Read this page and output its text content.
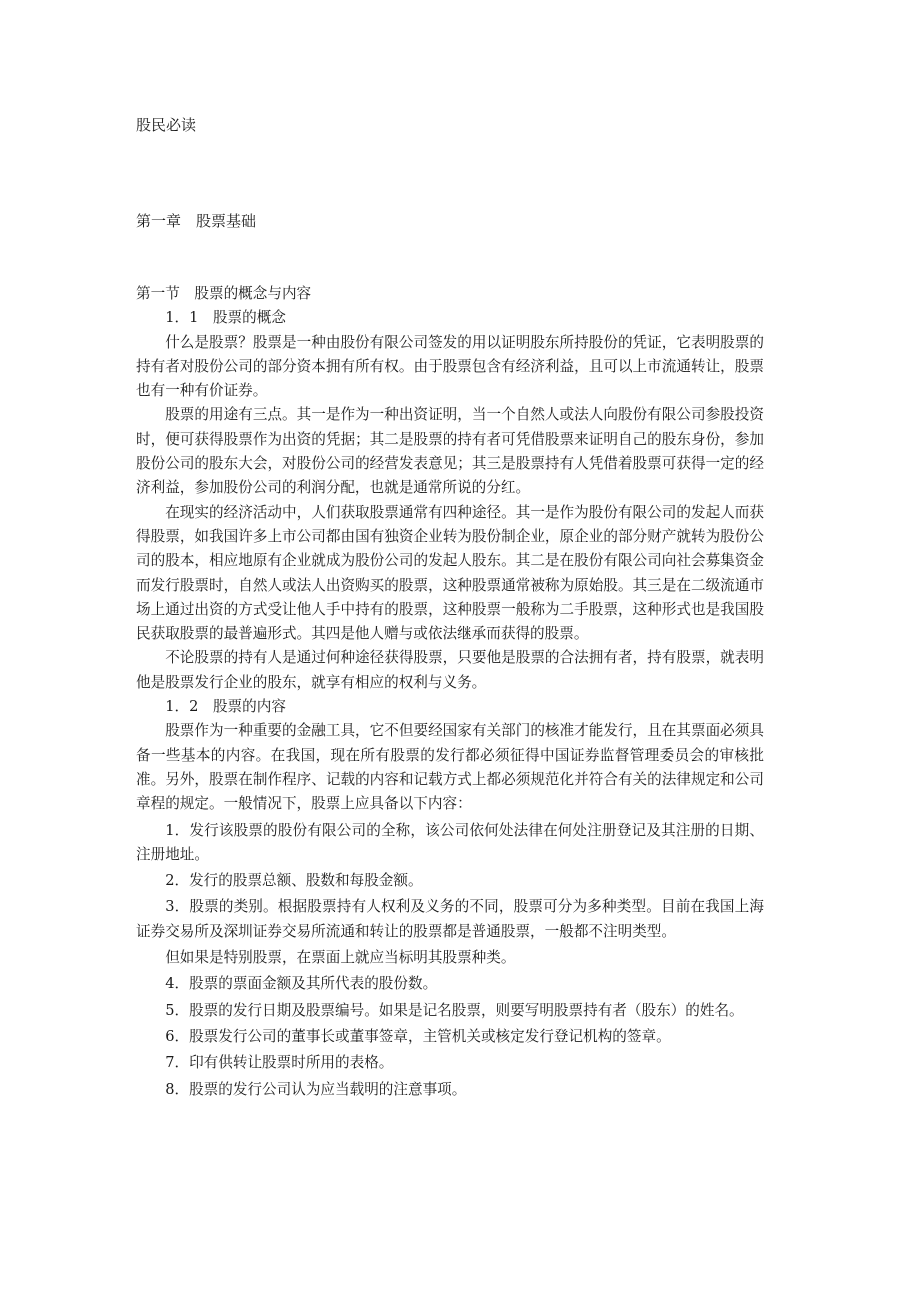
股民必读
第一章　股票基础

第一节　股票的概念与内容

1．1　股票的概念

什么是股票？股票是一种由股份有限公司签发的用以证明股东所持股份的凭证，它表明股票的持有者对股份公司的部分资本拥有所有权。由于股票包含有经济利益，且可以上市流通转让，股票也有一种有价证券。

股票的用途有三点。其一是作为一种出资证明，当一个自然人或法人向股份有限公司参股投资时，便可获得股票作为出资的凭据；其二是股票的持有者可凭借股票来证明自己的股东身份，参加股份公司的股东大会，对股份公司的经营发表意见；其三是股票持有人凭借着股票可获得一定的经济利益，参加股份公司的利润分配，也就是通常所说的分红。

在现实的经济活动中，人们获取股票通常有四种途径。其一是作为股份有限公司的发起人而获得股票，如我国许多上市公司都由国有独资企业转为股份制企业，原企业的部分财产就转为股份公司的股本，相应地原有企业就成为股份公司的发起人股东。其二是在股份有限公司向社会募集资金而发行股票时，自然人或法人出资购买的股票，这种股票通常被称为原始股。其三是在二级流通市场上通过出资的方式受让他人手中持有的股票，这种股票一般称为二手股票，这种形式也是我国股民获取股票的最普遍形式。其四是他人赠与或依法继承而获得的股票。

不论股票的持有人是通过何种途径获得股票，只要他是股票的合法拥有者，持有股票，就表明他是股票发行企业的股东，就享有相应的权利与义务。

1．2　股票的内容

股票作为一种重要的金融工具，它不但要经国家有关部门的核准才能发行，且在其票面必须具备一些基本的内容。在我国，现在所有股票的发行都必须征得中国证券监督管理委员会的审核批准。另外，股票在制作程序、记载的内容和记载方式上都必须规范化并符合有关的法律规定和公司章程的规定。一般情况下，股票上应具备以下内容：

1．发行该股票的股份有限公司的全称，该公司依何处法律在何处注册登记及其注册的日期、注册地址。

2．发行的股票总额、股数和每股金额。

3．股票的类别。根据股票持有人权利及义务的不同，股票可分为多种类型。目前在我国上海证券交易所及深圳证券交易所流通和转让的股票都是普通股票，一般都不注明类型。

但如果是特别股票，在票面上就应当标明其股票种类。

4．股票的票面金额及其所代表的股份数。

5．股票的发行日期及股票编号。如果是记名股票，则要写明股票持有者（股东）的姓名。

6．股票发行公司的董事长或董事签章，主管机关或核定发行登记机构的签章。

7．印有供转让股票时所用的表格。

8．股票的发行公司认为应当载明的注意事项。
